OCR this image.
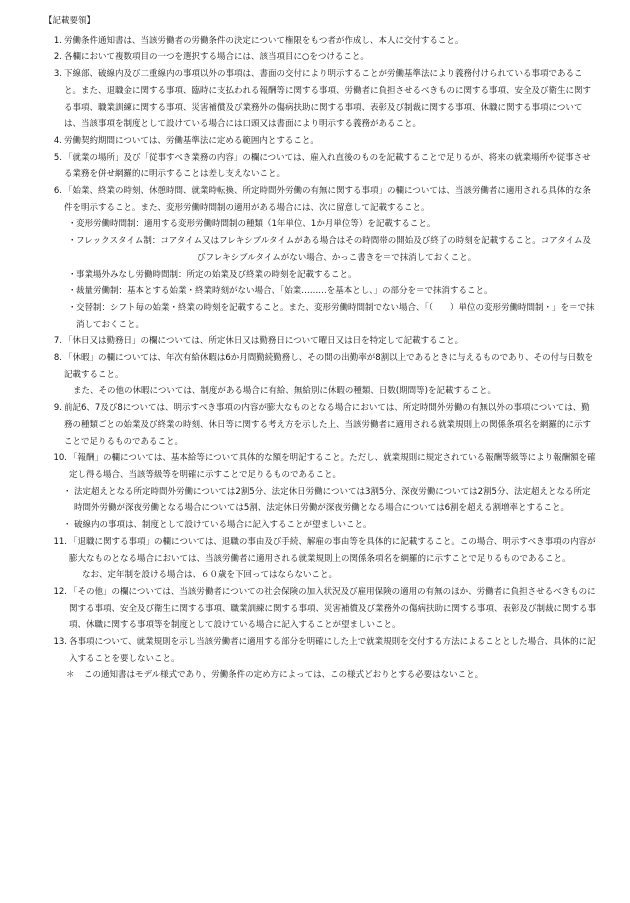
【記載要領】
1. 労働条件通知書は、当該労働者の労働条件の決定について権限をもつ者が作成し、本人に交付すること。
2. 各欄において複数項目の一つを選択する場合には、該当項目に○をつけること。
3. 下線部、破線内及び二重線内の事項以外の事項は、書面の交付により明示することが労働基準法により義務付けられている事項であること。また、退職金に関する事項、臨時に支払われる報酬等に関する事項、労働者に負担させるべきものに関する事項、安全及び衛生に関する事項、職業訓練に関する事項、災害補償及び業務外の傷病扶助に関する事項、表彰及び制裁に関する事項、休職に関する事項については、当該事項を制度として設けている場合には口頭又は書面により明示する義務があること。
4. 労働契約期間については、労働基準法に定める範囲内とすること。
5. 「就業の場所」及び「従事すべき業務の内容」の欄については、雇入れ直後のものを記載することで足りるが、将来の就業場所や従事させる業務を併せ網羅的に明示することは差し支えないこと。
6. 「始業、終業の時刻、休憩時間、就業時転換、所定時間外労働の有無に関する事項」の欄については、当該労働者に適用される具体的な条件を明示すること。また、変形労働時間制の適用がある場合には、次に留意して記載すること。
・ 変形労働時間制：適用する変形労働時間制の種類（1年単位、1か月単位等）を記載すること。
・ フレックスタイム制：コアタイム又はフレキシブルタイムがある場合はその時間帯の開始及び終了の時刻を記載すること。コアタイム及びフレキシブルタイムがない場合、かっこ書きを＝で抹消しておくこと。
・ 事業場外みなし労働時間制：所定の始業及び終業の時刻を記載すること。
・ 裁量労働制：基本とする始業・終業時刻がない場合、「始業………を基本とし、」の部分を＝で抹消すること。
・ 交替制：シフト毎の始業・終業の時刻を記載すること。また、変形労働時間制でない場合、「（　　）単位の変形労働時間制・」を＝で抹消しておくこと。
7. 「休日又は勤務日」の欄については、所定休日又は勤務日について曜日又は日を特定して記載すること。
8. 「休暇」の欄については、年次有給休暇は6か月間勤続勤務し、その間の出勤率が8割以上であるときに与えるものであり、その付与日数を記載すること。
また、その他の休暇については、制度がある場合に有給、無給別に休暇の種類、日数(期間等)を記載すること。
9. 前記6、7及び8については、明示すべき事項の内容が膨大なものとなる場合においては、所定時間外労働の有無以外の事項については、勤務の種類ごとの始業及び終業の時刻、休日等に関する考え方を示した上、当該労働者に適用される就業規則上の関係条項名を網羅的に示すことで足りるものであること。
10. 「報酬」の欄については、基本給等について具体的な額を明記すること。ただし、就業規則に規定されている報酬等級等により報酬額を確定し得る場合、当該等級等を明確に示すことで足りるものであること。
・ 法定超えとなる所定時間外労働については2割5分、法定休日労働については3割5分、深夜労働については2割5分、法定超えとなる所定時間外労働が深夜労働となる場合については5割、法定休日労働が深夜労働となる場合については6割を超える割増率とすること。
・ 破線内の事項は、制度として設けている場合に記入することが望ましいこと。
11. 「退職に関する事項」の欄については、退職の事由及び手続、解雇の事由等を具体的に記載すること。この場合、明示すべき事項の内容が膨大なものとなる場合においては、当該労働者に適用される就業規則上の関係条項名を網羅的に示すことで足りるものであること。
なお、定年制を設ける場合は、６０歳を下回ってはならないこと。
12. 「その他」の欄については、当該労働者についての社会保険の加入状況及び雇用保険の適用の有無のほか、労働者に負担させるべきものに関する事項、安全及び衛生に関する事項、職業訓練に関する事項、災害補償及び業務外の傷病扶助に関する事項、表彰及び制裁に関する事項、休職に関する事項等を制度として設けている場合に記入することが望ましいこと。
13. 各事項について、就業規則を示し当該労働者に適用する部分を明確にした上で就業規則を交付する方法によることとした場合、具体的に記入することを要しないこと。
＊ この通知書はモデル様式であり、労働条件の定め方によっては、この様式どおりとする必要はないこと。
